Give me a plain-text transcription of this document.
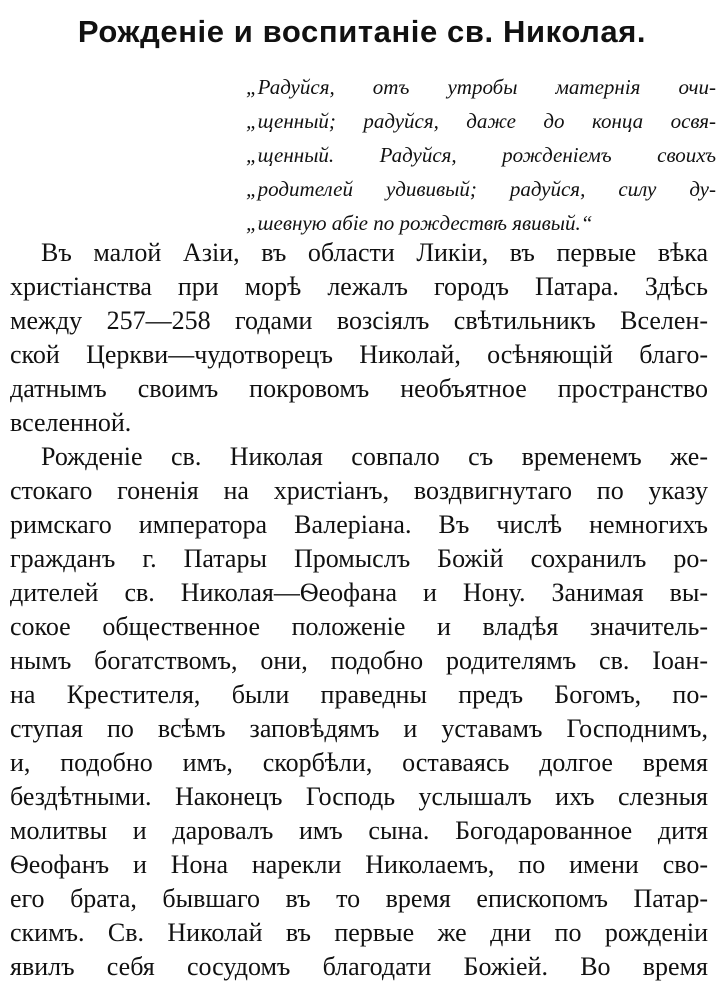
Рожденіе и воспитаніе св. Николая.
„Радуйся, отъ утробы матернія очи-
„щенный; радуйся, даже до конца освя-
„щенный. Радуйся, рожденіемъ своихъ
„родителей удививый; радуйся, силу ду-
„шевную абіе по рождествѣ явивый.“
Въ малой Азіи, въ области Ликіи, въ первые вѣка
христіанства при морѣ лежалъ городъ Патара. Здѣсь
между 257—258 годами возсіялъ свѣтильникъ Вселен-
ской Церкви—чудотворецъ Николай, осѣняющій благо-
датнымъ своимъ покровомъ необъятное пространство
вселенной.
Рожденіе св. Николая совпало съ временемъ же-
стокаго гоненія на христіанъ, воздвигнутаго по указу
римскаго императора Валеріана. Въ числѣ немногихъ
гражданъ г. Патары Промыслъ Божій сохранилъ ро-
дителей св. Николая—Ѳеофана и Нону. Занимая вы-
сокое общественное положеніе и владѣя значитель-
нымъ богатствомъ, они, подобно родителямъ св. Іоан-
на Крестителя, были праведны предъ Богомъ, по-
ступая по всѣмъ заповѣдямъ и уставамъ Господнимъ,
и, подобно имъ, скорбѣли, оставаясь долгое время
бездѣтными. Наконецъ Господь услышалъ ихъ слезныя
молитвы и даровалъ имъ сына. Богодарованное дитя
Ѳеофанъ и Нона нарекли Николаемъ, по имени сво-
его брата, бывшаго въ то время епископомъ Патар-
скимъ. Св. Николай въ первые же дни по рожденіи
явилъ себя сосудомъ благодати Божіей. Во время
